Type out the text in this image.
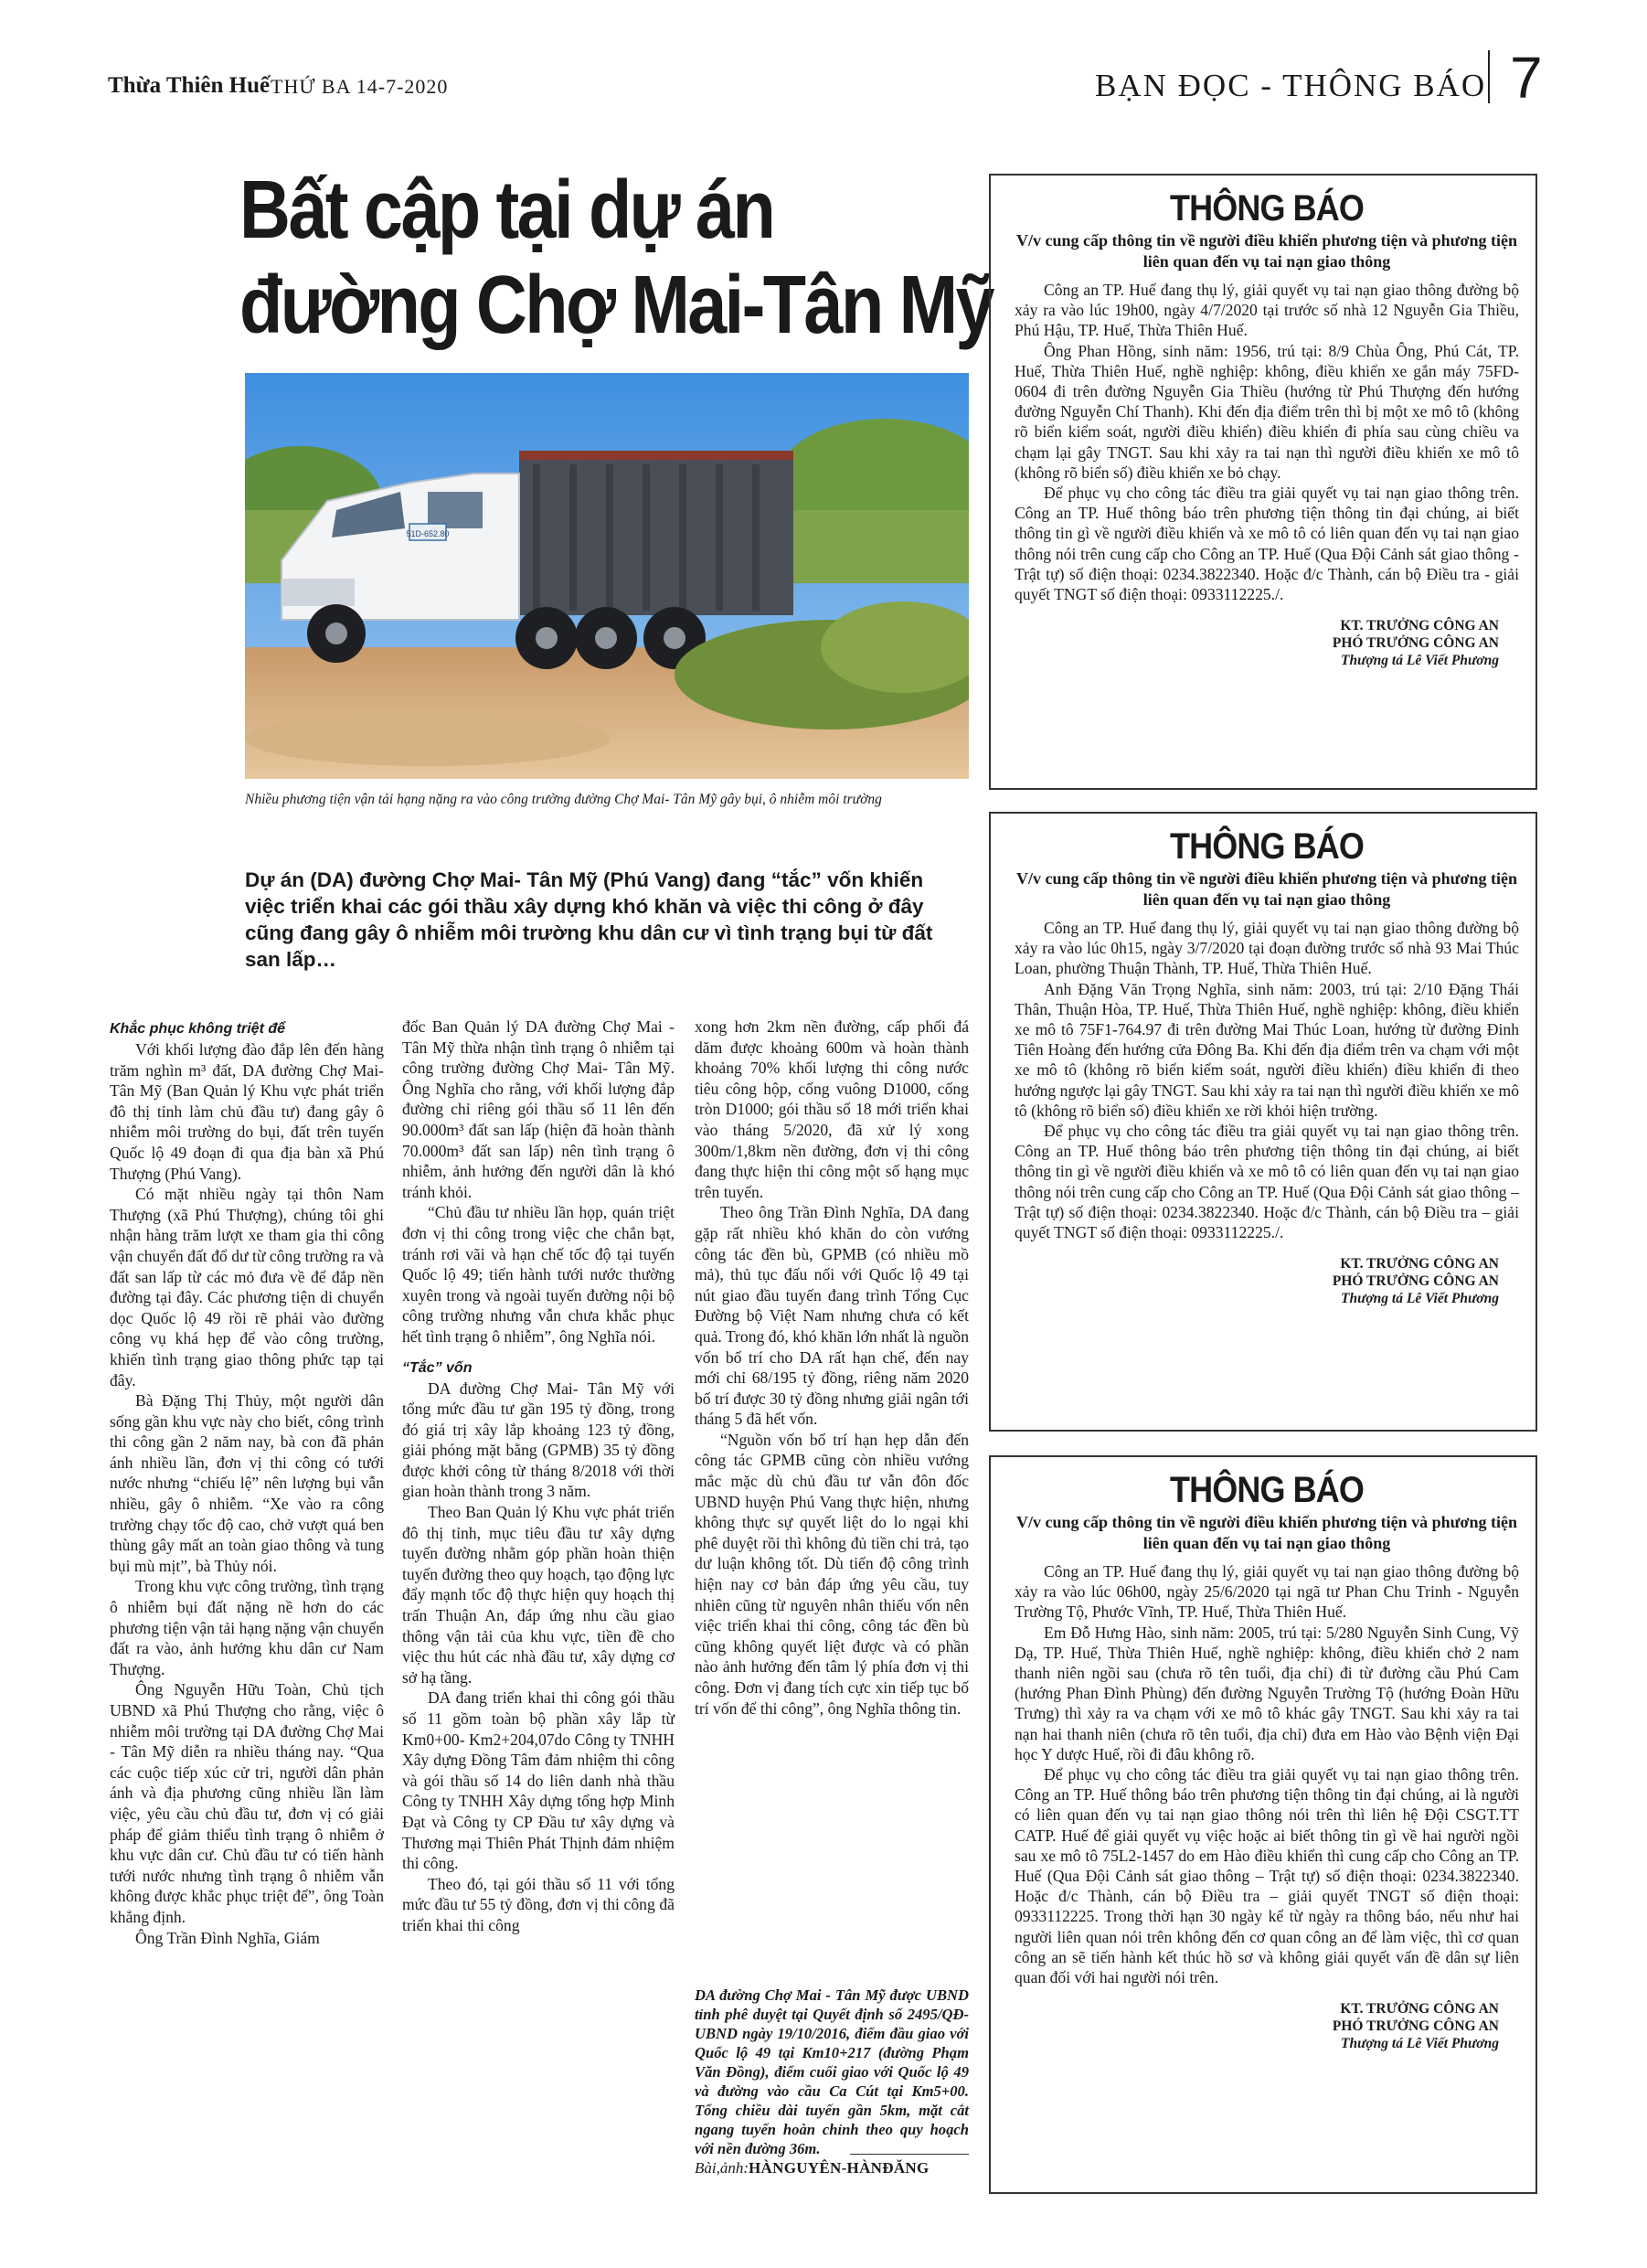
Thừa Thiên Huế THỨ BA 14-7-2020	BẠN ĐỌC - THÔNG BÁO 7
Bất cập tại dự án
đường Chợ Mai-Tân Mỹ
51D-652.80
Nhiều phương tiện vận tải hạng nặng ra vào công trường đường Chợ Mai- Tân Mỹ gây bụi, ô nhiễm môi trường
Dự án (DA) đường Chợ Mai- Tân Mỹ (Phú Vang) đang “tắc” vốn khiến việc triển khai các gói thầu xây dựng khó khăn và việc thi công ở đây cũng đang gây ô nhiễm môi trường khu dân cư vì tình trạng bụi từ đất san lấp…
Khắc phục không triệt để

Với khối lượng đào đắp lên đến hàng trăm nghìn m³ đất, DA đường Chợ Mai- Tân Mỹ (Ban Quản lý Khu vực phát triển đô thị tỉnh làm chủ đầu tư) đang gây ô nhiễm môi trường do bụi, đất trên tuyến Quốc lộ 49 đoạn đi qua địa bàn xã Phú Thượng (Phú Vang).

Có mặt nhiều ngày tại thôn Nam Thượng (xã Phú Thượng), chúng tôi ghi nhận hàng trăm lượt xe tham gia thi công vận chuyển đất đổ dư từ công trường ra và đất san lấp từ các mỏ đưa về để đắp nền đường tại đây. Các phương tiện di chuyển dọc Quốc lộ 49 rồi rẽ phải vào đường công vụ khá hẹp để vào công trường, khiến tình trạng giao thông phức tạp tại đây.

Bà Đặng Thị Thủy, một người dân sống gần khu vực này cho biết, công trình thi công gần 2 năm nay, bà con đã phản ánh nhiều lần, đơn vị thi công có tưới nước nhưng “chiếu lệ” nên lượng bụi vẫn nhiều, gây ô nhiễm. “Xe vào ra công trường chạy tốc độ cao, chở vượt quá ben thùng gây mất an toàn giao thông và tung bụi mù mịt”, bà Thủy nói.

Trong khu vực công trường, tình trạng ô nhiễm bụi đất nặng nề hơn do các phương tiện vận tải hạng nặng vận chuyển đất ra vào, ảnh hưởng khu dân cư Nam Thượng.

Ông Nguyễn Hữu Toàn, Chủ tịch UBND xã Phú Thượng cho rằng, việc ô nhiễm môi trường tại DA đường Chợ Mai - Tân Mỹ diễn ra nhiều tháng nay. “Qua các cuộc tiếp xúc cử tri, người dân phản ánh và địa phương cũng nhiều lần làm việc, yêu cầu chủ đầu tư, đơn vị có giải pháp để giảm thiểu tình trạng ô nhiễm ở khu vực dân cư. Chủ đầu tư có tiến hành tưới nước nhưng tình trạng ô nhiễm vẫn không được khắc phục triệt để”, ông Toàn khẳng định.

Ông Trần Đình Nghĩa, Giám

đốc Ban Quản lý DA đường Chợ Mai - Tân Mỹ thừa nhận tình trạng ô nhiễm tại công trường đường Chợ Mai- Tân Mỹ. Ông Nghĩa cho rằng, với khối lượng đắp đường chỉ riêng gói thầu số 11 lên đến 90.000m³ đất san lấp (hiện đã hoàn thành 70.000m³ đất san lấp) nên tình trạng ô nhiễm, ảnh hưởng đến người dân là khó tránh khỏi.

“Chủ đầu tư nhiều lần họp, quán triệt đơn vị thi công trong việc che chắn bạt, tránh rơi vãi và hạn chế tốc độ tại tuyến Quốc lộ 49; tiến hành tưới nước thường xuyên trong và ngoài tuyến đường nội bộ công trường nhưng vẫn chưa khắc phục hết tình trạng ô nhiễm”, ông Nghĩa nói.

“Tắc” vốn

DA đường Chợ Mai- Tân Mỹ với tổng mức đầu tư gần 195 tỷ đồng, trong đó giá trị xây lắp khoảng 123 tỷ đồng, giải phóng mặt bằng (GPMB) 35 tỷ đồng được khởi công từ tháng 8/2018 với thời gian hoàn thành trong 3 năm.

Theo Ban Quản lý Khu vực phát triển đô thị tỉnh, mục tiêu đầu tư xây dựng tuyến đường nhằm góp phần hoàn thiện tuyến đường theo quy hoạch, tạo động lực đẩy mạnh tốc độ thực hiện quy hoạch thị trấn Thuận An, đáp ứng nhu cầu giao thông vận tải của khu vực, tiền đề cho việc thu hút các nhà đầu tư, xây dựng cơ sở hạ tầng.

DA đang triển khai thi công gói thầu số 11 gồm toàn bộ phần xây lắp từ Km0+00- Km2+204,07do Công ty TNHH Xây dựng Đồng Tâm đảm nhiệm thi công và gói thầu số 14 do liên danh nhà thầu Công ty TNHH Xây dựng tổng hợp Minh Đạt và Công ty CP Đầu tư xây dựng và Thương mại Thiên Phát Thịnh đảm nhiệm thi công.

Theo đó, tại gói thầu số 11 với tổng mức đầu tư 55 tỷ đồng, đơn vị thi công đã triển khai thi công

xong hơn 2km nền đường, cấp phối đá dăm được khoảng 600m và hoàn thành khoảng 70% khối lượng thi công nước tiêu công hộp, cống vuông D1000, cống tròn D1000; gói thầu số 18 mới triển khai vào tháng 5/2020, đã xử lý xong 300m/1,8km nền đường, đơn vị thi công đang thực hiện thi công một số hạng mục trên tuyến.

Theo ông Trần Đình Nghĩa, DA đang gặp rất nhiều khó khăn do còn vướng công tác đền bù, GPMB (có nhiều mồ mả), thủ tục đấu nối với Quốc lộ 49 tại nút giao đầu tuyến đang trình Tổng Cục Đường bộ Việt Nam nhưng chưa có kết quả. Trong đó, khó khăn lớn nhất là nguồn vốn bố trí cho DA rất hạn chế, đến nay mới chỉ 68/195 tỷ đồng, riêng năm 2020 bố trí được 30 tỷ đồng nhưng giải ngân tới tháng 5 đã hết vốn.

“Nguồn vốn bố trí hạn hẹp dẫn đến công tác GPMB cũng còn nhiều vướng mắc mặc dù chủ đầu tư vẫn đôn đốc UBND huyện Phú Vang thực hiện, nhưng không thực sự quyết liệt do lo ngại khi phê duyệt rồi thì không đủ tiền chi trả, tạo dư luận không tốt. Dù tiến độ công trình hiện nay cơ bản đáp ứng yêu cầu, tuy nhiên cũng từ nguyên nhân thiếu vốn nên việc triển khai thi công, công tác đền bù cũng không quyết liệt được và có phần nào ảnh hưởng đến tâm lý phía đơn vị thi công. Đơn vị đang tích cực xin tiếp tục bố trí vốn để thi công”, ông Nghĩa thông tin.

DA đường Chợ Mai - Tân Mỹ được UBND tỉnh phê duyệt tại Quyết định số 2495/QĐ-UBND ngày 19/10/2016, điểm đầu giao với Quốc lộ 49 tại Km10+217 (đường Phạm Văn Đồng), điểm cuối giao với Quốc lộ 49 và đường vào cầu Ca Cút tại Km5+00. Tổng chiều dài tuyến gần 5km, mặt cắt ngang tuyến hoàn chỉnh theo quy hoạch với nền đường 36m.
Bài,ảnh:HÀNGUYÊN-HÀNĐĂNG
THÔNG BÁO
V/v cung cấp thông tin về người điều khiển phương tiện và phương tiện liên quan đến vụ tai nạn giao thông

Công an TP. Huế đang thụ lý, giải quyết vụ tai nạn giao thông đường bộ xảy ra vào lúc 19h00, ngày 4/7/2020 tại trước số nhà 12 Nguyễn Gia Thiều, Phú Hậu, TP. Huế, Thừa Thiên Huế.

Ông Phan Hồng, sinh năm: 1956, trú tại: 8/9 Chùa Ông, Phú Cát, TP. Huế, Thừa Thiên Huế, nghề nghiệp: không, điều khiển xe gắn máy 75FD-0604 đi trên đường Nguyễn Gia Thiều (hướng từ Phú Thượng đến hướng đường Nguyễn Chí Thanh). Khi đến địa điểm trên thì bị một xe mô tô (không rõ biển kiểm soát, người điều khiển) điều khiển đi phía sau cùng chiều va chạm lại gây TNGT. Sau khi xảy ra tai nạn thì người điều khiển xe mô tô (không rõ biển số) điều khiển xe bỏ chạy.

Để phục vụ cho công tác điều tra giải quyết vụ tai nạn giao thông trên. Công an TP. Huế thông báo trên phương tiện thông tin đại chúng, ai biết thông tin gì về người điều khiển và xe mô tô có liên quan đến vụ tai nạn giao thông nói trên cung cấp cho Công an TP. Huế (Qua Đội Cảnh sát giao thông - Trật tự) số điện thoại: 0234.3822340. Hoặc đ/c Thành, cán bộ Điều tra - giải quyết TNGT số điện thoại: 0933112225./.

KT. TRƯỞNG CÔNG AN
PHÓ TRƯỞNG CÔNG AN
Thượng tá Lê Viết Phương
THÔNG BÁO
V/v cung cấp thông tin về người điều khiển phương tiện và phương tiện liên quan đến vụ tai nạn giao thông

Công an TP. Huế đang thụ lý, giải quyết vụ tai nạn giao thông đường bộ xảy ra vào lúc 0h15, ngày 3/7/2020 tại đoạn đường trước số nhà 93 Mai Thúc Loan, phường Thuận Thành, TP. Huế, Thừa Thiên Huế.

Anh Đặng Văn Trọng Nghĩa, sinh năm: 2003, trú tại: 2/10 Đặng Thái Thân, Thuận Hòa, TP. Huế, Thừa Thiên Huế, nghề nghiệp: không, điều khiển xe mô tô 75F1-764.97 đi trên đường Mai Thúc Loan, hướng từ đường Đinh Tiên Hoàng đến hướng cửa Đông Ba. Khi đến địa điểm trên va chạm với một xe mô tô (không rõ biển kiểm soát, người điều khiển) điều khiển đi theo hướng ngược lại gây TNGT. Sau khi xảy ra tai nạn thì người điều khiển xe mô tô (không rõ biển số) điều khiển xe rời khỏi hiện trường.

Để phục vụ cho công tác điều tra giải quyết vụ tai nạn giao thông trên. Công an TP. Huế thông báo trên phương tiện thông tin đại chúng, ai biết thông tin gì về người điều khiển và xe mô tô có liên quan đến vụ tai nạn giao thông nói trên cung cấp cho Công an TP. Huế (Qua Đội Cảnh sát giao thông – Trật tự) số điện thoại: 0234.3822340. Hoặc đ/c Thành, cán bộ Điều tra – giải quyết TNGT số điện thoại: 0933112225./.

KT. TRƯỞNG CÔNG AN
PHÓ TRƯỞNG CÔNG AN
Thượng tá Lê Viết Phương
THÔNG BÁO
V/v cung cấp thông tin về người điều khiển phương tiện và phương tiện liên quan đến vụ tai nạn giao thông

Công an TP. Huế đang thụ lý, giải quyết vụ tai nạn giao thông đường bộ xảy ra vào lúc 06h00, ngày 25/6/2020 tại ngã tư Phan Chu Trinh - Nguyễn Trường Tộ, Phước Vĩnh, TP. Huế, Thừa Thiên Huế.

Em Đỗ Hưng Hào, sinh năm: 2005, trú tại: 5/280 Nguyễn Sinh Cung, Vỹ Dạ, TP. Huế, Thừa Thiên Huế, nghề nghiệp: không, điều khiển chở 2 nam thanh niên ngồi sau (chưa rõ tên tuổi, địa chỉ) đi từ đường cầu Phú Cam (hướng Phan Đình Phùng) đến đường Nguyễn Trường Tộ (hướng Đoàn Hữu Trưng) thì xảy ra va chạm với xe mô tô khác gây TNGT. Sau khi xảy ra tai nạn hai thanh niên (chưa rõ tên tuổi, địa chỉ) đưa em Hào vào Bệnh viện Đại học Y dược Huế, rồi đi đâu không rõ.

Để phục vụ cho công tác điều tra giải quyết vụ tai nạn giao thông trên. Công an TP. Huế thông báo trên phương tiện thông tin đại chúng, ai là người có liên quan đến vụ tai nạn giao thông nói trên thì liên hệ Đội CSGT.TT CATP. Huế để giải quyết vụ việc hoặc ai biết thông tin gì về hai người ngồi sau xe mô tô 75L2-1457 do em Hào điều khiển thì cung cấp cho Công an TP. Huế (Qua Đội Cảnh sát giao thông – Trật tự) số điện thoại: 0234.3822340. Hoặc đ/c Thành, cán bộ Điều tra – giải quyết TNGT số điện thoại: 0933112225. Trong thời hạn 30 ngày kể từ ngày ra thông báo, nếu như hai người liên quan nói trên không đến cơ quan công an để làm việc, thì cơ quan công an sẽ tiến hành kết thúc hồ sơ và không giải quyết vấn đề dân sự liên quan đối với hai người nói trên.

KT. TRƯỞNG CÔNG AN
PHÓ TRƯỞNG CÔNG AN
Thượng tá Lê Viết Phương
